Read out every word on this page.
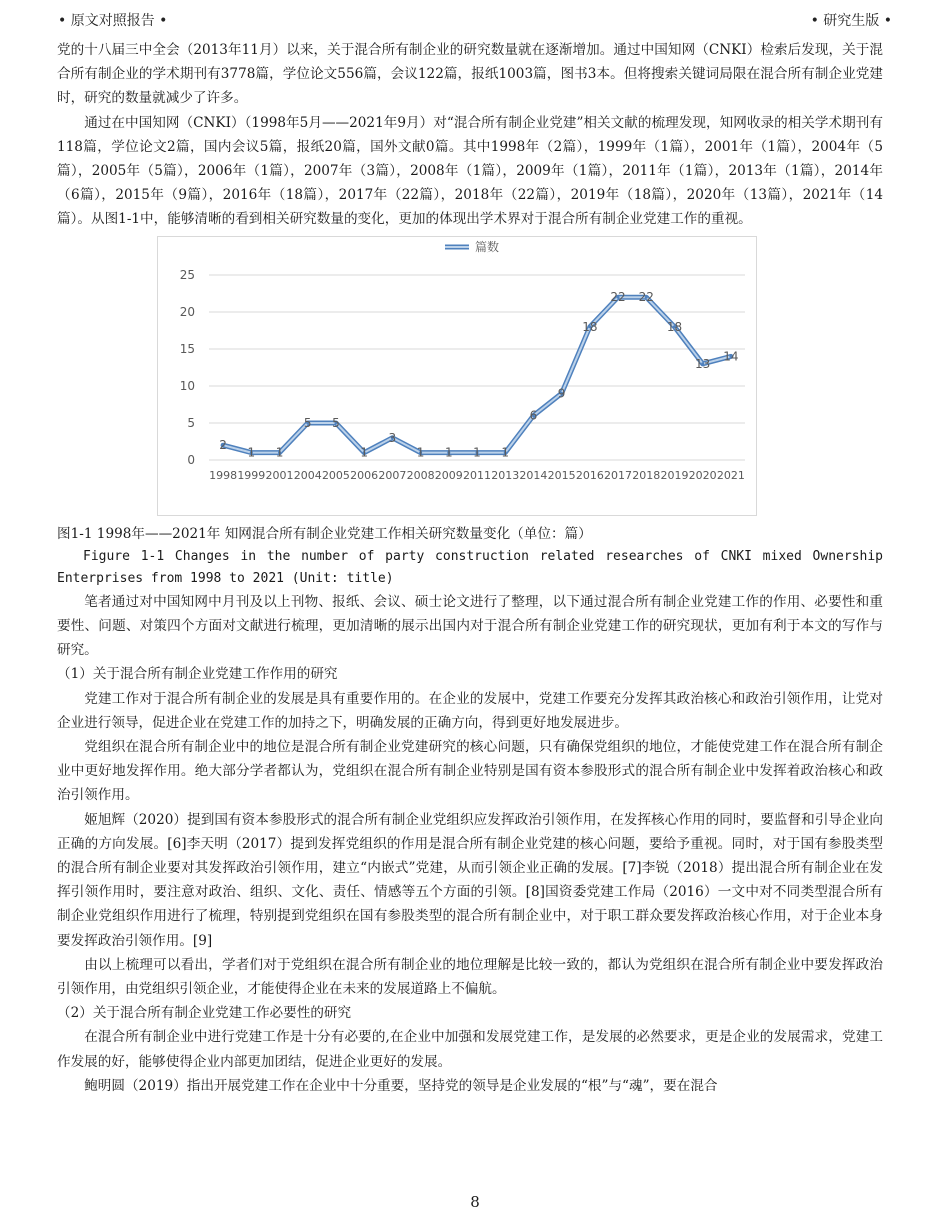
• 原文对照报告 •	• 研究生版 •

党的十八届三中全会（2013年11月）以来，关于混合所有制企业的研究数量就在逐渐增加。通过中国知网（CNKI）检索后发现，关于混合所有制企业的学术期刊有3778篇，学位论文556篇，会议122篇，报纸1003篇，图书3本。但将搜索关键词局限在混合所有制企业党建时，研究的数量就减少了许多。

通过在中国知网（CNKI）（1998年5月——2021年9月）对“混合所有制企业党建”相关文献的梳理发现，知网收录的相关学术期刊有118篇，学位论文2篇，国内会议5篇，报纸20篇，国外文献0篇。其中1998年（2篇），1999年（1篇），2001年（1篇），2004年（5篇），2005年（5篇），2006年（1篇），2007年（3篇），2008年（1篇），2009年（1篇），2011年（1篇），2013年（1篇），2014年（6篇），2015年（9篇），2016年（18篇），2017年（22篇），2018年（22篇），2019年（18篇），2020年（13篇），2021年（14篇）。从图1-1中，能够清晰的看到相关研究数量的变化，更加的体现出学术界对于混合所有制企业党建工作的重视。

0
5
10
15
20
25
1998 1999 2001 2004 2005 2006 2007 2008 2009 2011 2013 2014 2015 2016 2017 2018 2019 2020 2021
篇数
2
1 1
5 5
1
3
1 1 1 1
6
9
18
22 22
18
13
14

图1-1 1998年——2021年 知网混合所有制企业党建工作相关研究数量变化（单位：篇）

Figure 1-1 Changes in the number of party construction related researches of CNKI mixed Ownership Enterprises from 1998 to 2021 (Unit: title)

笔者通过对中国知网中月刊及以上刊物、报纸、会议、硕士论文进行了整理，以下通过混合所有制企业党建工作的作用、必要性和重要性、问题、对策四个方面对文献进行梳理，更加清晰的展示出国内对于混合所有制企业党建工作的研究现状，更加有利于本文的写作与研究。

（1）关于混合所有制企业党建工作作用的研究

党建工作对于混合所有制企业的发展是具有重要作用的。在企业的发展中，党建工作要充分发挥其政治核心和政治引领作用，让党对企业进行领导，促进企业在党建工作的加持之下，明确发展的正确方向，得到更好地发展进步。

党组织在混合所有制企业中的地位是混合所有制企业党建研究的核心问题，只有确保党组织的地位，才能使党建工作在混合所有制企业中更好地发挥作用。绝大部分学者都认为，党组织在混合所有制企业特别是国有资本参股形式的混合所有制企业中发挥着政治核心和政治引领作用。

姬旭辉（2020）提到国有资本参股形式的混合所有制企业党组织应发挥政治引领作用，在发挥核心作用的同时，要监督和引导企业向正确的方向发展。[6]李天明（2017）提到发挥党组织的作用是混合所有制企业党建的核心问题，要给予重视。同时，对于国有参股类型的混合所有制企业要对其发挥政治引领作用，建立“内嵌式”党建，从而引领企业正确的发展。[7]李锐（2018）提出混合所有制企业在发挥引领作用时，要注意对政治、组织、文化、责任、情感等五个方面的引领。[8]国资委党建工作局（2016）一文中对不同类型混合所有制企业党组织作用进行了梳理，特别提到党组织在国有参股类型的混合所有制企业中，对于职工群众要发挥政治核心作用，对于企业本身要发挥政治引领作用。[9]

由以上梳理可以看出，学者们对于党组织在混合所有制企业的地位理解是比较一致的，都认为党组织在混合所有制企业中要发挥政治引领作用，由党组织引领企业，才能使得企业在未来的发展道路上不偏航。

（2）关于混合所有制企业党建工作必要性的研究

在混合所有制企业中进行党建工作是十分有必要的,在企业中加强和发展党建工作，是发展的必然要求，更是企业的发展需求，党建工作发展的好，能够使得企业内部更加团结，促进企业更好的发展。

鲍明圆（2019）指出开展党建工作在企业中十分重要，坚持党的领导是企业发展的“根”与“魂”，要在混合

8
